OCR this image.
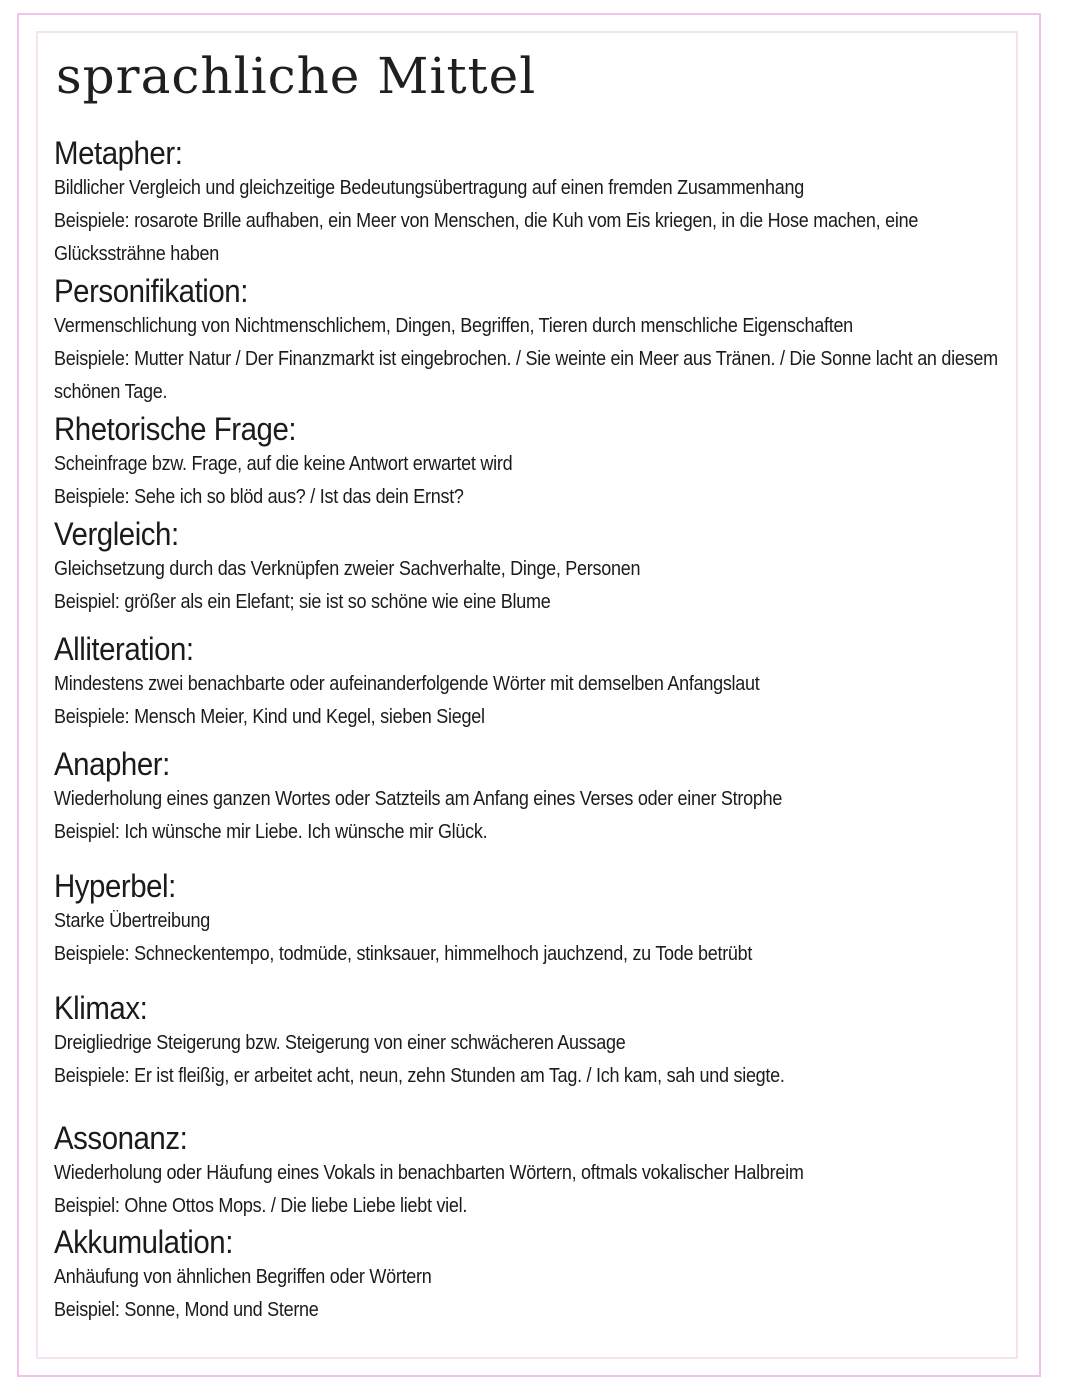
sprachliche Mittel
Metapher:

Bildlicher Vergleich und gleichzeitige Bedeutungsübertragung auf einen fremden Zusammenhang

Beispiele: rosarote Brille aufhaben, ein Meer von Menschen, die Kuh vom Eis kriegen, in die Hose machen, eine

Glückssträhne haben

Personifikation:

Vermenschlichung von Nichtmenschlichem, Dingen, Begriffen, Tieren durch menschliche Eigenschaften

Beispiele: Mutter Natur / Der Finanzmarkt ist eingebrochen. / Sie weinte ein Meer aus Tränen. / Die Sonne lacht an diesem

schönen Tage.

Rhetorische Frage:

Scheinfrage bzw. Frage, auf die keine Antwort erwartet wird

Beispiele: Sehe ich so blöd aus? / Ist das dein Ernst?

Vergleich:

Gleichsetzung durch das Verknüpfen zweier Sachverhalte, Dinge, Personen

Beispiel: größer als ein Elefant; sie ist so schöne wie eine Blume

Alliteration:

Mindestens zwei benachbarte oder aufeinanderfolgende Wörter mit demselben Anfangslaut

Beispiele: Mensch Meier, Kind und Kegel, sieben Siegel

Anapher:

Wiederholung eines ganzen Wortes oder Satzteils am Anfang eines Verses oder einer Strophe

Beispiel: Ich wünsche mir Liebe. Ich wünsche mir Glück.

Hyperbel:

Starke Übertreibung

Beispiele: Schneckentempo, todmüde, stinksauer, himmelhoch jauchzend, zu Tode betrübt

Klimax:

Dreigliedrige Steigerung bzw. Steigerung von einer schwächeren Aussage

Beispiele: Er ist fleißig, er arbeitet acht, neun, zehn Stunden am Tag. / Ich kam, sah und siegte.

Assonanz:

Wiederholung oder Häufung eines Vokals in benachbarten Wörtern, oftmals vokalischer Halbreim

Beispiel: Ohne Ottos Mops. / Die liebe Liebe liebt viel.

Akkumulation:

Anhäufung von ähnlichen Begriffen oder Wörtern

Beispiel: Sonne, Mond und Sterne
